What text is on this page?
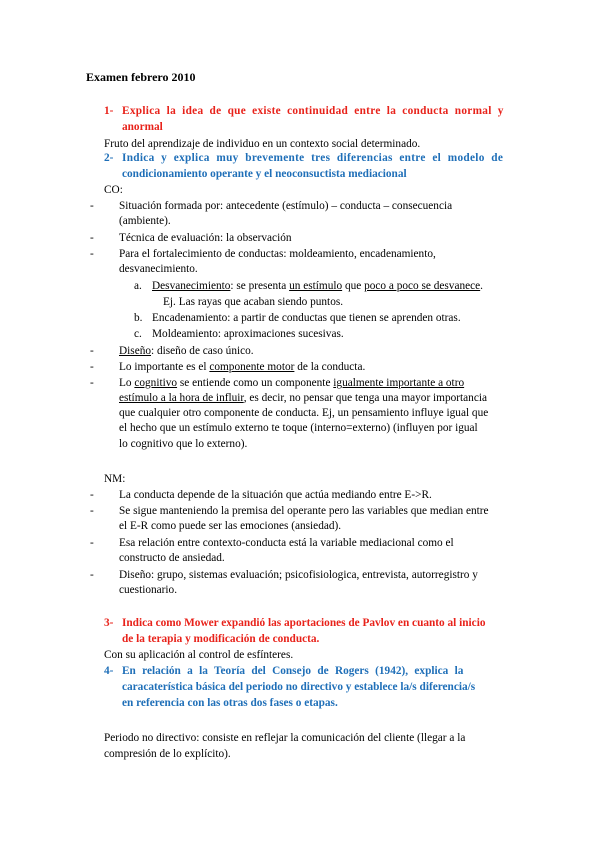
Examen febrero 2010
1- Explica la idea de que existe continuidad entre la conducta normal y
anormal
Fruto del aprendizaje de individuo en un contexto social determinado.
2- Indica y explica muy brevemente tres diferencias entre el modelo de
condicionamiento operante y el neoconsuctista mediacional
CO:
- Situación formada por: antecedente (estímulo) – conducta – consecuencia
(ambiente).
- Técnica de evaluación: la observación
- Para el fortalecimiento de conductas: moldeamiento, encadenamiento,
desvanecimiento.
a. Desvanecimiento: se presenta un estímulo que poco a poco se desvanece.
Ej. Las rayas que acaban siendo puntos.
b. Encadenamiento: a partir de conductas que tienen se aprenden otras.
c. Moldeamiento: aproximaciones sucesivas.
- Diseño: diseño de caso único.
- Lo importante es el componente motor de la conducta.
- Lo cognitivo se entiende como un componente igualmente importante a otro
estímulo a la hora de influir, es decir, no pensar que tenga una mayor importancia
que cualquier otro componente de conducta. Ej, un pensamiento influye igual que
el hecho que un estímulo externo te toque (interno=externo) (influyen por igual
lo cognitivo que lo externo).
NM:
- La conducta depende de la situación que actúa mediando entre E->R.
- Se sigue manteniendo la premisa del operante pero las variables que median entre
el E-R como puede ser las emociones (ansiedad).
- Esa relación entre contexto-conducta está la variable mediacional como el
constructo de ansiedad.
- Diseño: grupo, sistemas evaluación; psicofisiologica, entrevista, autorregistro y
cuestionario.
3- Indica como Mower expandió las aportaciones de Pavlov en cuanto al inicio
de la terapia y modificación de conducta.
Con su aplicación al control de esfínteres.
4- En relación a la Teoría del Consejo de Rogers (1942), explica la
caracaterística básica del periodo no directivo y establece la/s diferencia/s
en referencia con las otras dos fases o etapas.
Periodo no directivo: consiste en reflejar la comunicación del cliente (llegar a la
compresión de lo explícito).
